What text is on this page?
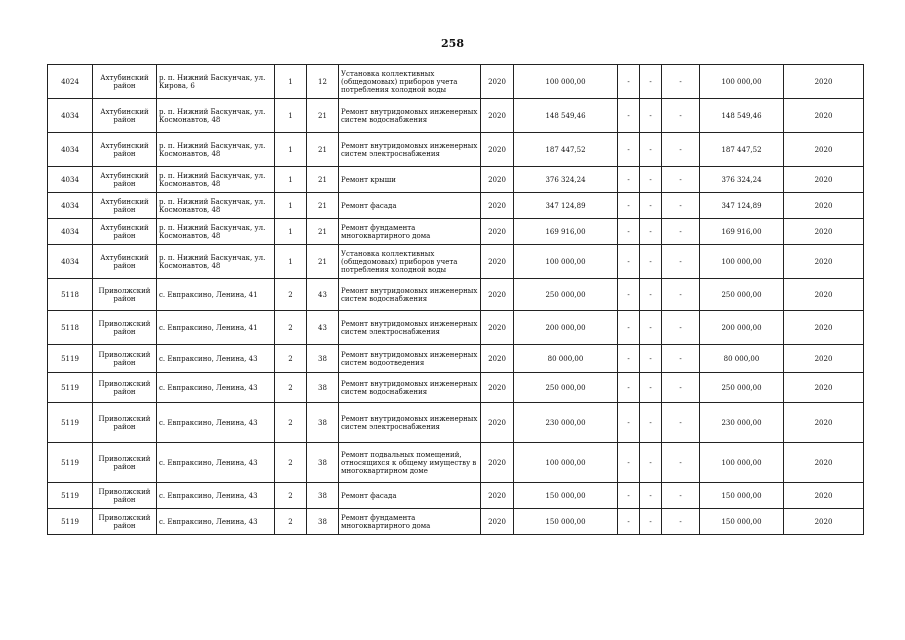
258
4024	Ахтубинский район	р. п. Нижний Баскунчак, ул. Кирова, 6	1	12	Установка коллективных (общедомовых) приборов учета потребления холодной воды	2020	100 000,00	-	-	-	100 000,00	2020
4034	Ахтубинский район	р. п. Нижний Баскунчак, ул. Космонавтов, 48	1	21	Ремонт внутридомовых инженерных систем водоснабжения	2020	148 549,46	-	-	-	148 549,46	2020
4034	Ахтубинский район	р. п. Нижний Баскунчак, ул. Космонавтов, 48	1	21	Ремонт внутридомовых инженерных систем электроснабжения	2020	187 447,52	-	-	-	187 447,52	2020
4034	Ахтубинский район	р. п. Нижний Баскунчак, ул. Космонавтов, 48	1	21	Ремонт крыши	2020	376 324,24	-	-	-	376 324,24	2020
4034	Ахтубинский район	р. п. Нижний Баскунчак, ул. Космонавтов, 48	1	21	Ремонт фасада	2020	347 124,89	-	-	-	347 124,89	2020
4034	Ахтубинский район	р. п. Нижний Баскунчак, ул. Космонавтов, 48	1	21	Ремонт фундамента многоквартирного дома	2020	169 916,00	-	-	-	169 916,00	2020
4034	Ахтубинский район	р. п. Нижний Баскунчак, ул. Космонавтов, 48	1	21	Установка коллективных (общедомовых) приборов учета потребления холодной воды	2020	100 000,00	-	-	-	100 000,00	2020
5118	Приволжский район	с. Евпраксино, Ленина, 41	2	43	Ремонт внутридомовых инженерных систем водоснабжения	2020	250 000,00	-	-	-	250 000,00	2020
5118	Приволжский район	с. Евпраксино, Ленина, 41	2	43	Ремонт внутридомовых инженерных систем электроснабжения	2020	200 000,00	-	-	-	200 000,00	2020
5119	Приволжский район	с. Евпраксино, Ленина, 43	2	38	Ремонт внутридомовых инженерных систем водоотведения	2020	80 000,00	-	-	-	80 000,00	2020
5119	Приволжский район	с. Евпраксино, Ленина, 43	2	38	Ремонт внутридомовых инженерных систем водоснабжения	2020	250 000,00	-	-	-	250 000,00	2020
5119	Приволжский район	с. Евпраксино, Ленина, 43	2	38	Ремонт внутридомовых инженерных систем электроснабжения	2020	230 000,00	-	-	-	230 000,00	2020
5119	Приволжский район	с. Евпраксино, Ленина, 43	2	38	Ремонт подвальных помещений, относящихся к общему имуществу в многоквартирном доме	2020	100 000,00	-	-	-	100 000,00	2020
5119	Приволжский район	с. Евпраксино, Ленина, 43	2	38	Ремонт фасада	2020	150 000,00	-	-	-	150 000,00	2020
5119	Приволжский район	с. Евпраксино, Ленина, 43	2	38	Ремонт фундамента многоквартирного дома	2020	150 000,00	-	-	-	150 000,00	2020
